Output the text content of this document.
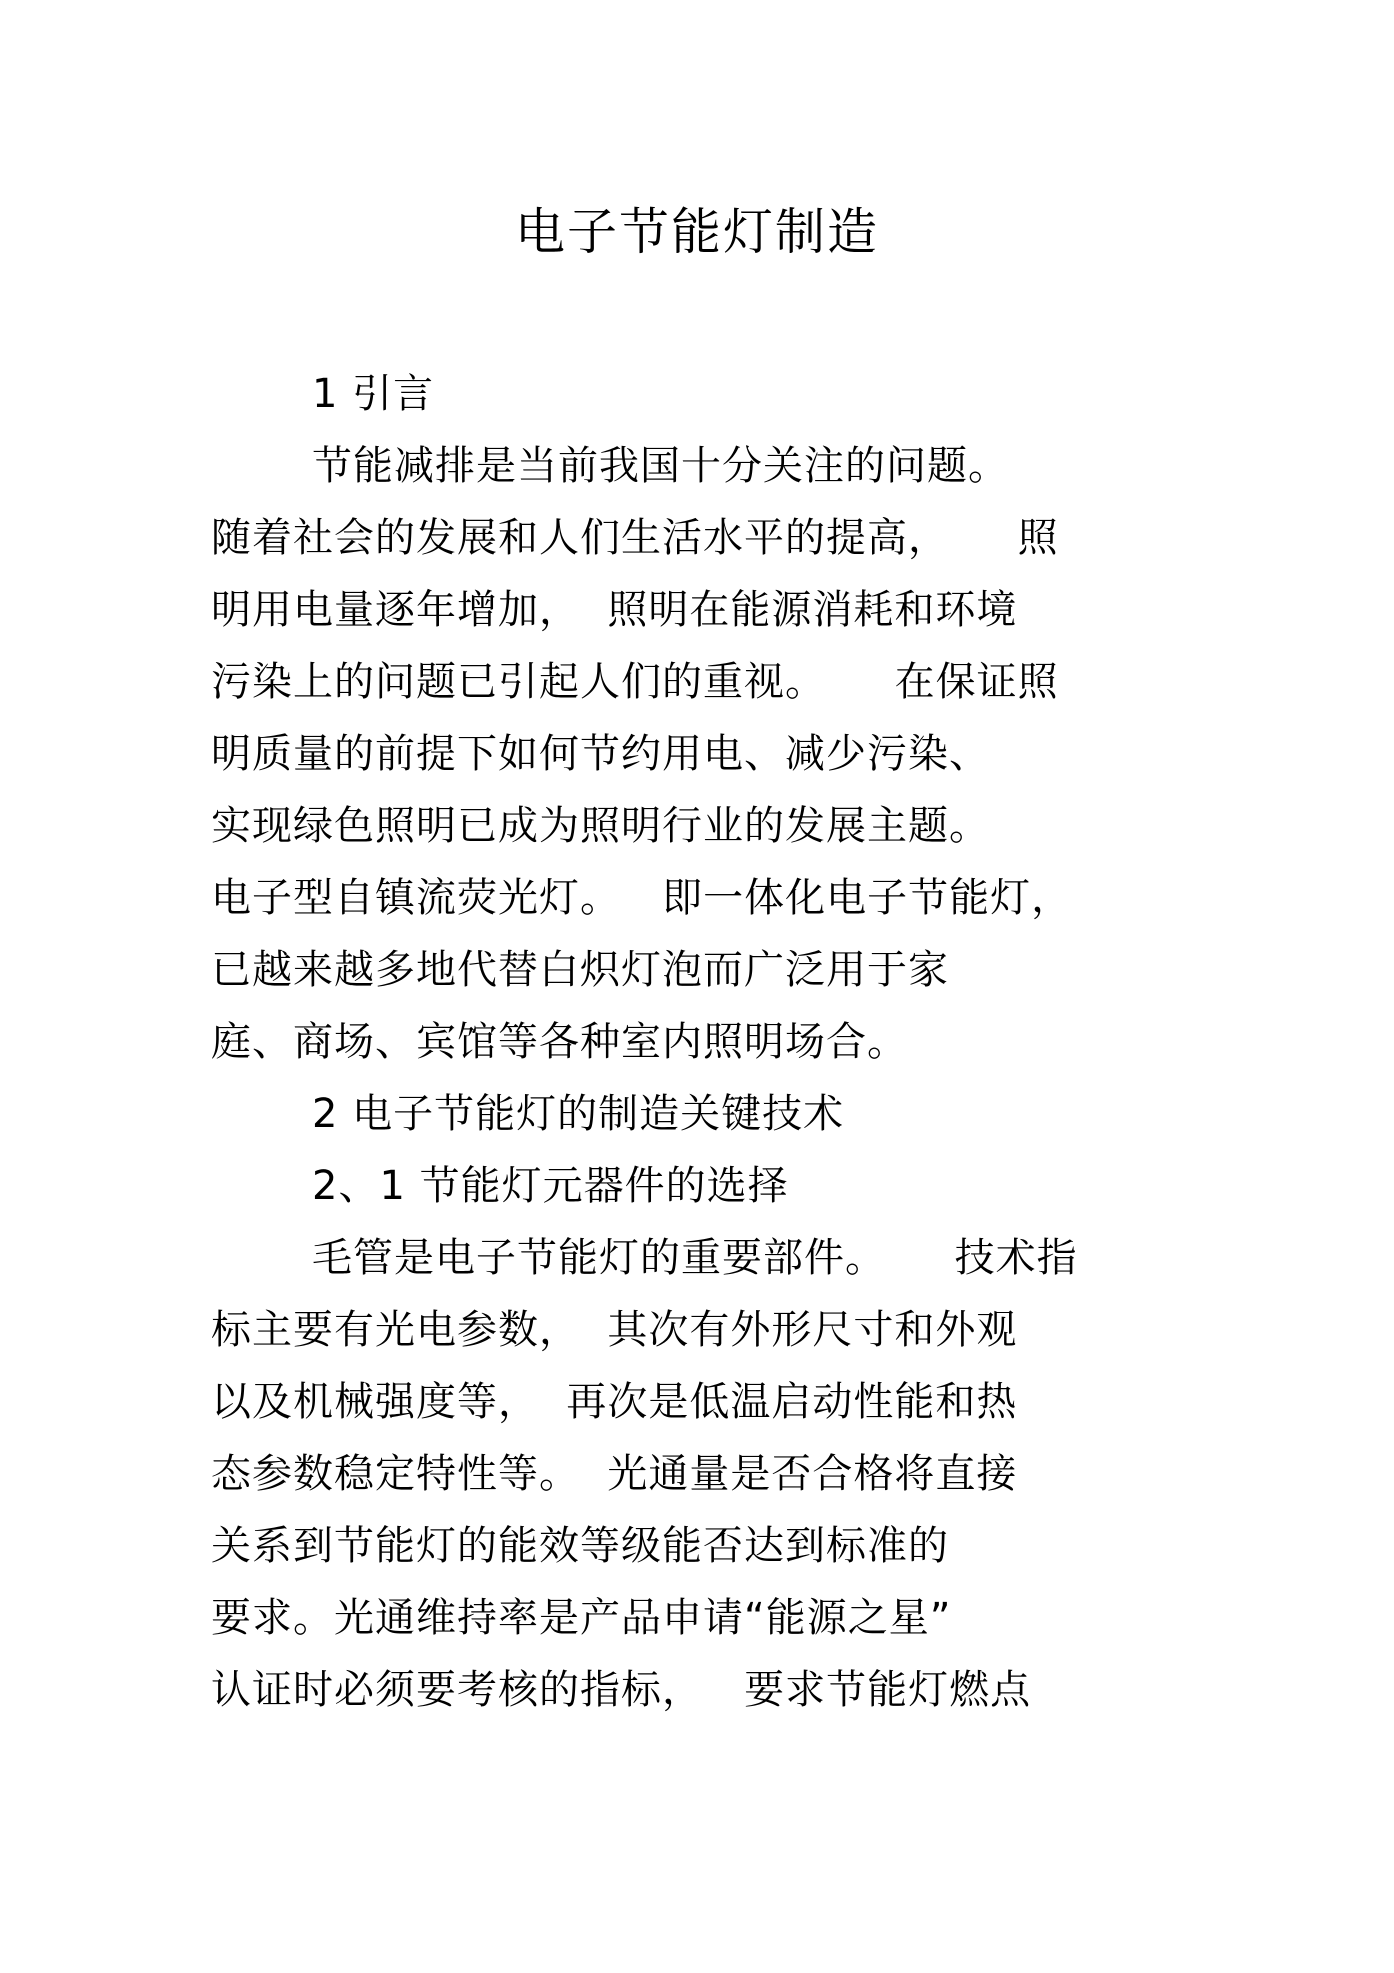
电子节能灯制造
1 引言
节能减排是当前我国十分关注的问题。
随着社会的发展和人们生活水平的提高，     照
明用电量逐年增加，  照明在能源消耗和环境
污染上的问题已引起人们的重视。     在保证照
明质量的前提下如何节约用电、减少污染、
实现绿色照明已成为照明行业的发展主题。
电子型自镇流荧光灯。   即一体化电子节能灯，
已越来越多地代替白炽灯泡而广泛用于家
庭、商场、宾馆等各种室内照明场合。
2 电子节能灯的制造关键技术
2、1 节能灯元器件的选择
毛管是电子节能灯的重要部件。     技术指
标主要有光电参数，  其次有外形尺寸和外观
以及机械强度等，  再次是低温启动性能和热
态参数稳定特性等。  光通量是否合格将直接
关系到节能灯的能效等级能否达到标准的
要求。光通维持率是产品申请“能源之星”
认证时必须要考核的指标，   要求节能灯燃点
